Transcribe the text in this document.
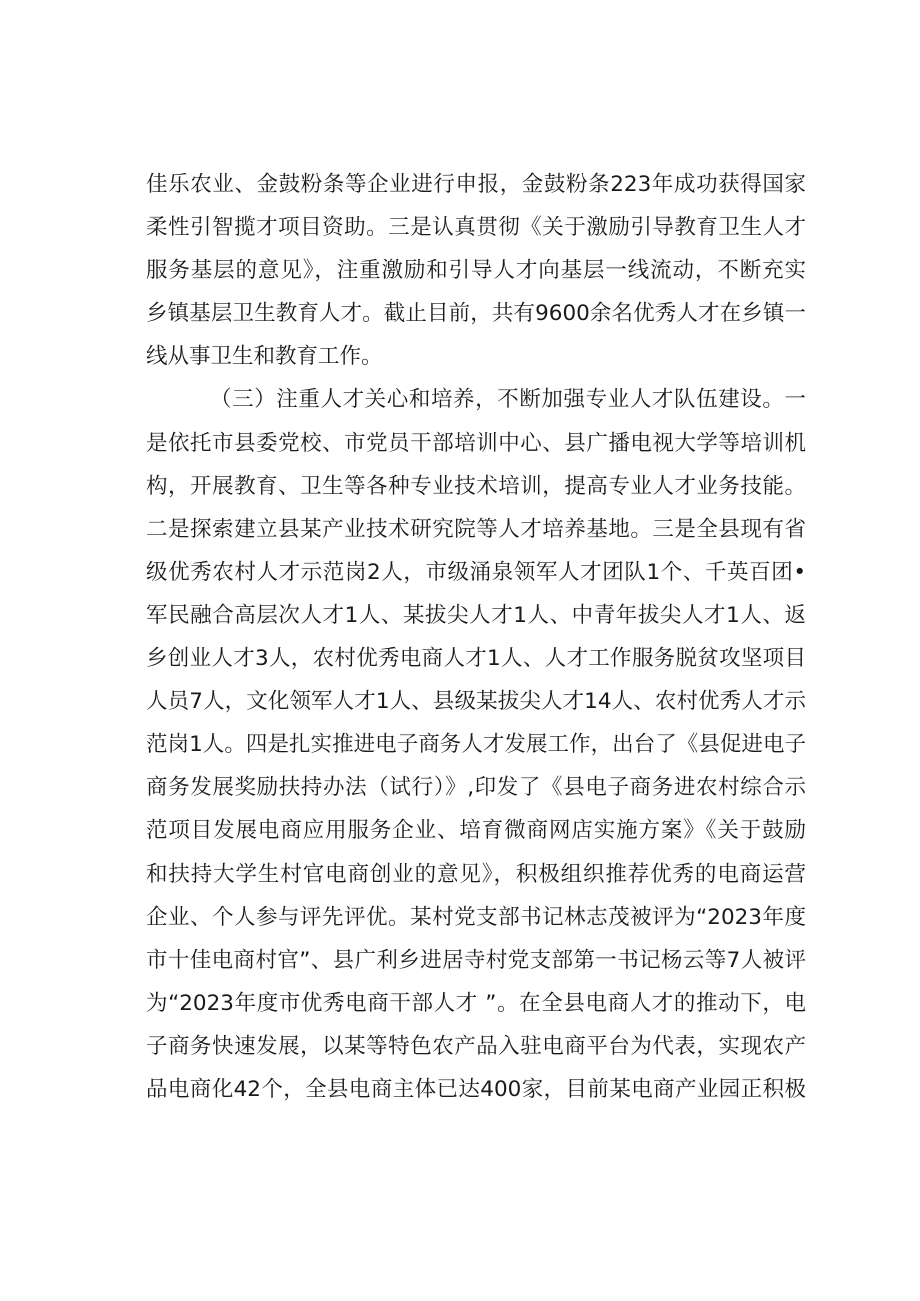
佳乐农业、金鼓粉条等企业进行申报，金鼓粉条223年成功获得国家
柔性引智揽才项目资助。三是认真贯彻《关于激励引导教育卫生人才
服务基层的意见》，注重激励和引导人才向基层一线流动，不断充实
乡镇基层卫生教育人才。截止目前，共有9600余名优秀人才在乡镇一
线从事卫生和教育工作。
（三）注重人才关心和培养，不断加强专业人才队伍建设。一
是依托市县委党校、市党员干部培训中心、县广播电视大学等培训机
构，开展教育、卫生等各种专业技术培训，提高专业人才业务技能。
二是探索建立县某产业技术研究院等人才培养基地。三是全县现有省
级优秀农村人才示范岗2人，市级涌泉领军人才团队1个、千英百团•
军民融合高层次人才1人、某拔尖人才1人、中青年拔尖人才1人、返
乡创业人才3人，农村优秀电商人才1人、人才工作服务脱贫攻坚项目
人员7人，文化领军人才1人、县级某拔尖人才14人、农村优秀人才示
范岗1人。四是扎实推进电子商务人才发展工作，出台了《县促进电子
商务发展奖励扶持办法（试行）》,印发了《县电子商务进农村综合示
范项目发展电商应用服务企业、培育微商网店实施方案》《关于鼓励
和扶持大学生村官电商创业的意见》，积极组织推荐优秀的电商运营
企业、个人参与评先评优。某村党支部书记林志茂被评为“2023年度
市十佳电商村官”、县广利乡进居寺村党支部第一书记杨云等7人被评
为“2023年度市优秀电商干部人才 ”。在全县电商人才的推动下，电
子商务快速发展，以某等特色农产品入驻电商平台为代表，实现农产
品电商化42个，全县电商主体已达400家，目前某电商产业园正积极
